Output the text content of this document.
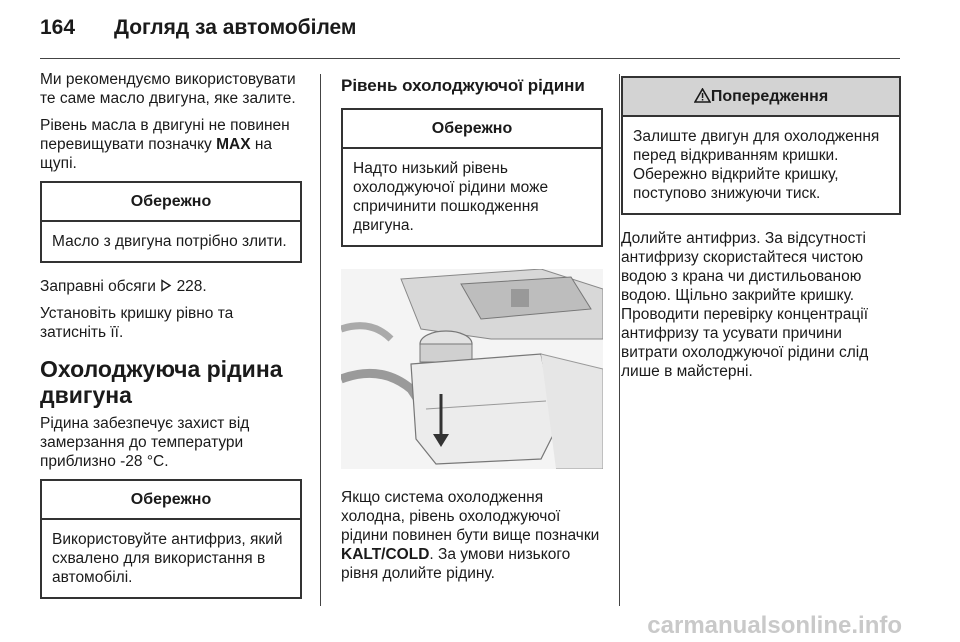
164 Догляд за автомобілем

Ми рекомендуємо використовувати те саме масло двигуна, яке залите.

Рівень масла в двигуні не повинен перевищувати позначку MAX на щупі.

Обережно
Масло з двигуна потрібно злити.

Заправні обсяги  228.

Установіть кришку рівно та затисніть її.

Охолоджуюча рідина двигуна

Рідина забезпечує захист від замерзання до температури приблизно -28 °C.

Обережно
Використовуйте антифриз, який схвалено для використання в автомобілі.
Рівень охолоджуючої рідини
Обережно
Надто низький рівень охолоджуючої рідини може спричинити пошкодження двигуна.

Якщо система охолодження холодна, рівень охолоджуючої рідини повинен бути вище позначки KALT/COLD. За умови низького рівня долийте рідину.

Попередження
Залиште двигун для охолодження перед відкриванням кришки. Обережно відкрийте кришку, поступово знижуючи тиск.

Долийте антифриз. За відсутності антифризу скористайтеся чистою водою з крана чи дистильованою водою. Щільно закрийте кришку. Проводити перевірку концентрації антифризу та усувати причини витрати охолоджуючої рідини слід лише в майстерні.

carmanualsonline.info
